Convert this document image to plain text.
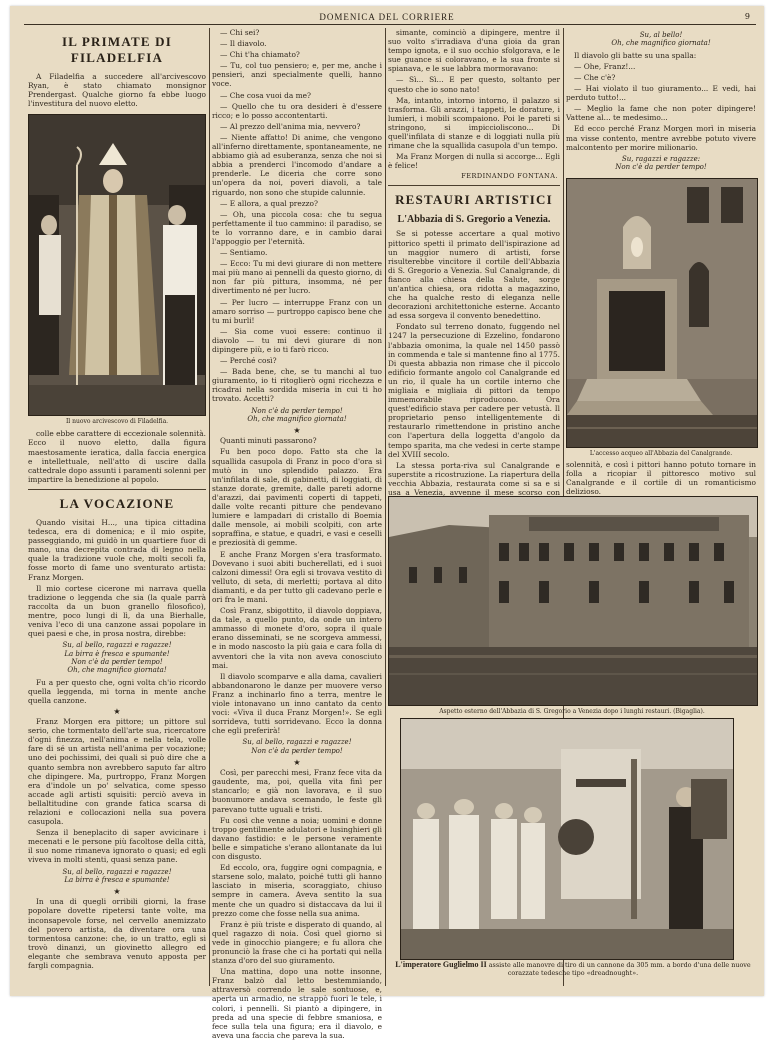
DOMENICA DEL CORRIERE	9
IL PRIMATE DI FILADELFIA

A Filadelfia a succedere all'arcivescovo Ryan, è stato chiamato monsignor Prendergast. Qualche giorno fa ebbe luogo l'investitura del nuovo eletto.

Il nuovo arcivescovo di Filadelfia.

colle ebbe carattere di eccezionale solennità. Ecco il nuovo eletto, dalla figura maestosamente ieratica, dalla faccia energica e intellettuale, nell'atto di uscire dalla cattedrale dopo assunti i paramenti solenni per impartire la benedizione al popolo.

LA VOCAZIONE

Quando visitai H..., una tipica cittadina tedesca, era di domenica; e il mio ospite, passeggiando, mi guidò in un quartiere fuor di mano, una decrepita contrada di legno nella quale la tradizione vuole che, molti secoli fa, fosse morto di fame uno sventurato artista: Franz Morgen.

Il mio cortese cicerone mi narrava quella tradizione o leggenda che sia (la quale parrà raccolta da un buon granello filosofico), mentre, poco lungi di lì, da una Bierhalle, veniva l'eco di una canzone assai popolare in quei paesi e che, in prosa nostra, direbbe:

Su, al bello, ragazzi e ragazze!
La birra è fresca e spumante!
Non c'è da perder tempo!
Oh, che magnifico giornata!

Fu a per questo che, ogni volta ch'io ricordo quella leggenda, mi torna in mente anche quella canzone.

★

Franz Morgen era pittore; un pittore sul serio, che tormentato dell'arte sua, ricercatore d'ogni finezza, nell'anima e nella tela, volle fare di sé un artista nell'anima per vocazione; uno dei pochissimi, dei quali si può dire che a quanto sembra non avrebbero saputo far altro che dipingere. Ma, purtroppo, Franz Morgen era d'indole un po' selvatica, come spesso accade agli artisti squisiti: perciò aveva in bellaltitudine con grande fatica scarsa di relazioni e collocazioni nella sua povera casupola.

Senza il beneplacito di saper avvicinare i mecenati e le persone più facoltose della città, il suo nome rimaneva ignorato o quasi; ed egli viveva in molti stenti, quasi senza pane.

Su, al bello, ragazzi e ragazze!
La birra è fresca e spumante!

★

In una di quegli orribili giorni, la frase popolare dovette ripetersi tante volte, ma inconsapevole forse, nel cervello anemizzato del povero artista, da diventare ora una tormentosa canzone: che, io un tratto, egli si trovò dinanzi, un giovinetto allegro ed elegante che sembrava venuto apposta per fargli compagnia.

— Chi sei?

— Il diavolo.

— Chi t'ha chiamato?

— Tu, col tuo pensiero; e, per me, anche i pensieri, anzi specialmente quelli, hanno voce.

— Che cosa vuoi da me?

— Quello che tu ora desideri è d'essere ricco; e lo posso accontentarti.

— Al prezzo dell'anima mia, nevvero?

— Niente affatto! Di anime, che vengono all'inferno direttamente, spontaneamente, ne abbiamo già ad esuberanza, senza che noi si abbia a prenderci l'incomodo d'andare a prenderle. Le diceria che corre sono un'opera da noi, poveri diavoli, a tale riguardo, non sono che stupide calunnie.

— E allora, a qual prezzo?

— Oh, una piccola cosa: che tu segua perfettamente il tuo cammino: il paradiso, se te lo vorranno dare, e in cambio darai l'appoggio per l'eternità.

— Sentiamo.

— Ecco: Tu mi devi giurare di non mettere mai più mano ai pennelli da questo giorno, di non far più pittura, insomma, né per divertimento né per lucro.

— Per lucro — interruppe Franz con un amaro sorriso — purtroppo capisco bene che tu mi burli!

— Sia come vuoi essere: continuo il diavolo — tu mi devi giurare di non dipingere più, e io ti farò ricco.

— Perché così?

— Bada bene, che, se tu manchi al tuo giuramento, io ti ritoglierò ogni ricchezza e ricadrai nella sordida miseria in cui ti ho trovato. Accetti?

Non c'è da perder tempo!
Oh, che magnifico giornata!

★

Quanti minuti passarono?

Fu ben poco dopo. Fatto sta che la squallida casupola di Franz in poco d'ora si mutò in uno splendido palazzo. Era un'infilata di sale, di gabinetti, di loggiati, di stanze dorate, gremite, dalle pareti adorne d'arazzi, dai pavimenti coperti di tappeti, dalle volte recanti pitture che pendevano lumiere e lampadari di cristallo di Boemia dalle mensole, ai mobili scolpiti, con arte sopraffina, e statue, e quadri, e vasi e ceselli e preziosità di gemme.

E anche Franz Morgen s'era trasformato. Dovevano i suoi abiti bucherellati, ed i suoi calzoni dimessi! Ora egli si trovava vestito di velluto, di seta, di merletti; portava al dito diamanti, e da per tutto gli cadevano perle e ori fra le mani.

Così Franz, sbigottito, il diavolo doppiava, da tale, a quello punto, da onde un intero ammasso di monete d'oro, sopra il quale erano disseminati, se ne scorgeva ammessi, e in modo nascosto la più gaia e cara folla di avventori che la vita non aveva conosciuto mai.

Il diavolo scomparve e alla dama, cavalieri abbandonarono le danze per muovere verso Franz a inchinarlo fino a terra, mentre le viole intonavano un inno cantato da cento voci: «Viva il duca Franz Morgen!». Se egli sorrideva, tutti sorridevano. Ecco la donna che egli preferirà!

Su, al bello, ragazzi e ragazze!
Non c'è da perder tempo!

★

Così, per parecchi mesi, Franz fece vita da gaudente, ma, poi, quella vita finì per stancarlo; e già non lavorava, e il suo buonumore andava scemando, le feste gli parevano tutte uguali e tristi.

Fu così che venne a noia; uomini e donne troppo gentilmente adulatori e lusinghieri gli davano fastidio: e le persone veramente belle e simpatiche s'erano allontanate da lui con disgusto.

Ed eccolo, ora, fuggire ogni compagnia, e starsene solo, malato, poiché tutti gli hanno lasciato in miseria, scoraggiato, chiuso sempre in camera. Aveva sentito la sua mente che un quadro si distaccava da lui il prezzo come che fosse nella sua anima.

Franz è più triste e disperato di quando, al quel ragazzo di noia. Così quel giorno si vede in ginocchio piangere; e fu allora che pronunciò la frase che ci ha portati qui nella stanza d'oro del suo giuramento.

Una mattina, dopo una notte insonne, Franz balzò dal letto bestemmiando, attraversò correndo le sale sontuose, e, aperta un armadio, ne strappò fuori le tele, i colori, i pennelli. Si piantò a dipingere, in preda ad una specie di febbre smaniosa, e fece sulla tela una figura; era il diavolo, e aveva una faccia che pareva la sua.

simante, cominciò a dipingere, mentre il suo volto s'irradiava d'una gioia da gran tempo ignota, e il suo occhio sfolgorava, e le sue guance si coloravano, e la sua fronte si spianava, e le sue labbra mormoravano:

— Sì... Sì... E per questo, soltanto per questo che io sono nato!

Ma, intanto, intorno intorno, il palazzo si trasforma. Gli arazzi, i tappeti, le dorature, i lumieri, i mobili scompaiono. Poi le pareti si stringono, si impiccioliscono... Di quell'infilata di stanze e di loggiati nulla più rimane che la squallida casupola d'un tempo.

Ma Franz Morgen di nulla si accorge... Egli è felice!

FERDINANDO FONTANA.
RESTAURI ARTISTICI
L'Abbazia di S. Gregorio a Venezia.

Se si potesse accertare a qual motivo pittorico spetti il primato dell'ispirazione ad un maggior numero di artisti, forse risulterebbe vincitore il cortile dell'Abbazia di S. Gregorio a Venezia. Sul Canalgrande, di fianco alla chiesa della Salute, sorge un'antica chiesa, ora ridotta a magazzino, che ha qualche resto di eleganza nelle decorazioni architettoniche esterne. Accanto ad essa sorgeva il convento benedettino.

Fondato sul terreno donato, fuggendo nel 1247 la persecuzione di Ezzelino, fondarono l'abbazia omonima, la quale nel 1450 passò in commenda e tale si mantenne fino al 1775. Di questa abbazia non rimase che il piccolo edificio formante angolo col Canalgrande ed un rio, il quale ha un cortile interno che migliaia e migliaia di pittori da tempo immemorabile riproducono. Ora quest'edificio stava per cadere per vetustà. Il proprietario penso intelligentemente di restaurarlo rimettendone in pristino anche con l'apertura della loggetta d'angolo da tempo sparita, ma che vedesi in certe stampe del XVIII secolo.

La stessa porta-riva sul Canalgrande e superstite a ricostruzione. La riapertura della vecchia Abbazia, restaurata come si sa e si usa a Venezia, avvenne il mese scorso con

Su, al bello!
Oh, che magnifico giornata!

Il diavolo gli batte su una spalla:

— Ohe, Franz!...

— Che c'è?

— Hai violato il tuo giuramento... E vedi, hai perduto tutto!...

— Meglio la fame che non poter dipingere! Vattene al... te medesimo...

Ed ecco perché Franz Morgen morì in miseria ma visse contento, mentre avrebbe potuto vivere malcontento per morire milionario.

Su, ragazzi e ragazze:
Non c'è da perder tempo!

L'accesso acqueo all'Abbazia del Canalgrande.

solennità, e così i pittori hanno potuto tornare in folla a ricopiar il pittoresco motivo sul Canalgrande e il cortile di un romanticismo delizioso.

Aspetto esterno dell'Abbazia di S. Gregorio a Venezia dopo i lunghi restauri. (Bigaglia).
L'imperatore Guglielmo II assiste alle manovre di tiro di un cannone da 305 mm. a bordo d'una delle nuove corazzate tedesche tipo «dreadnought».
